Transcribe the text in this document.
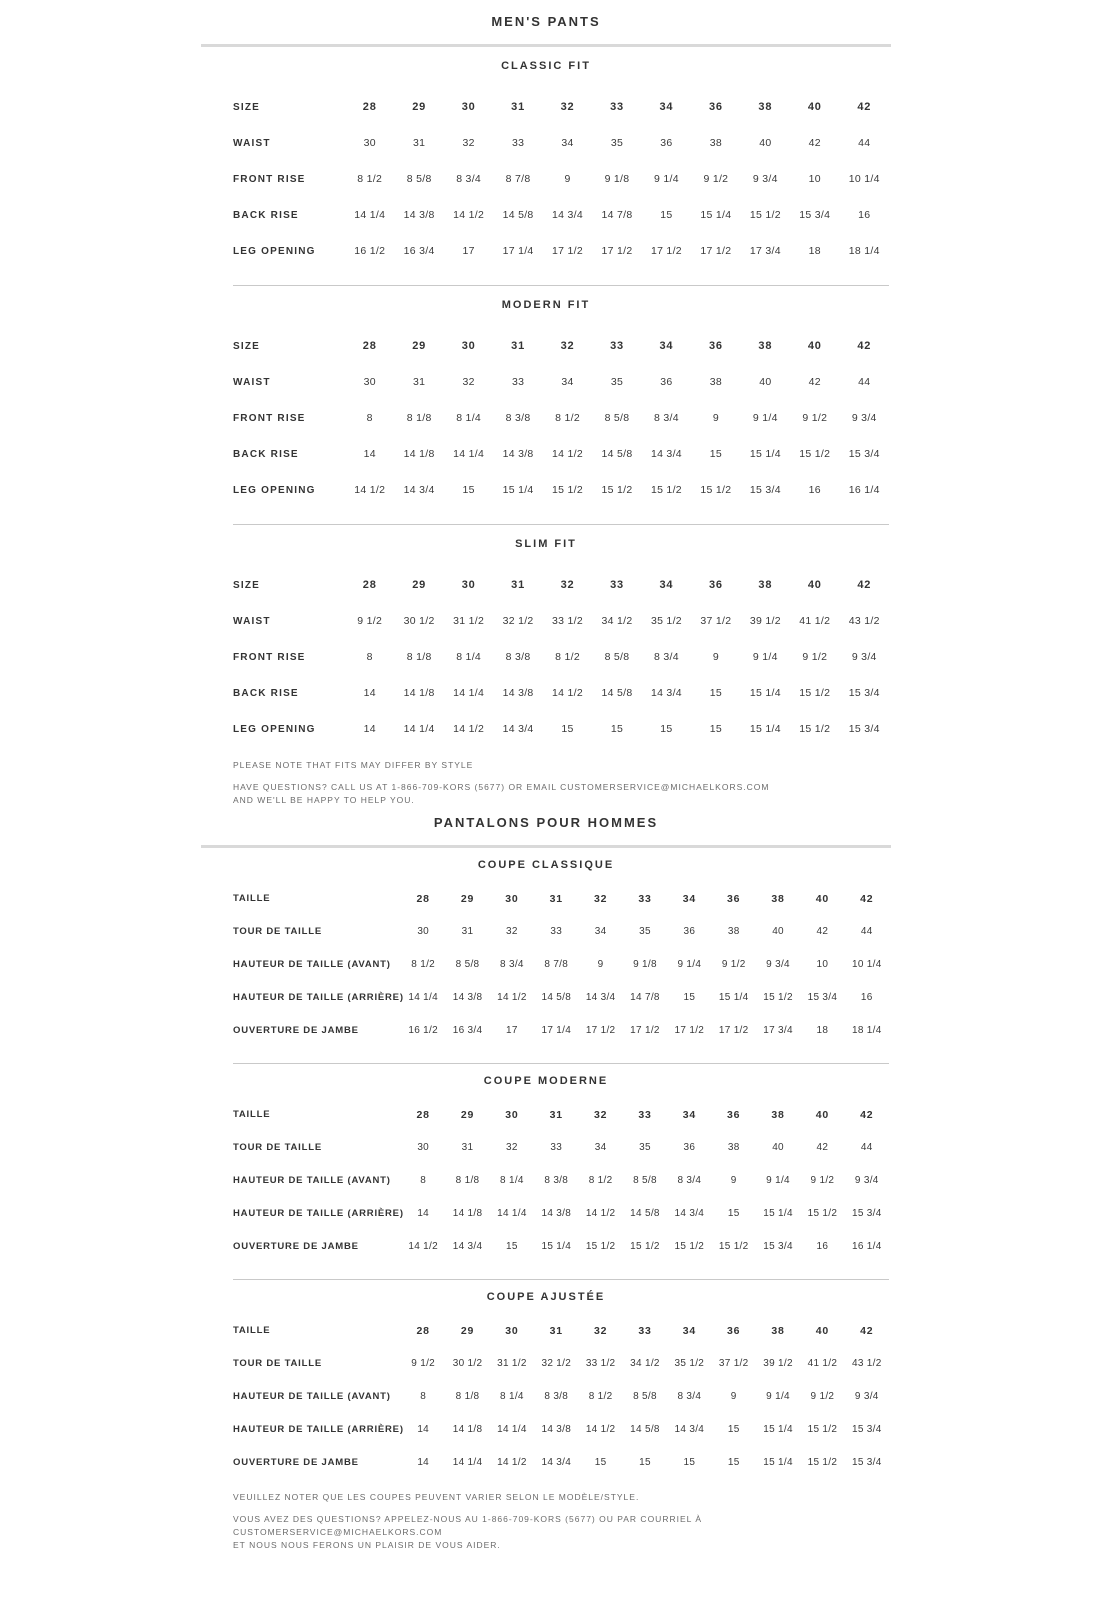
MEN'S PANTS
CLASSIC FIT
SIZE	28	29	30	31	32	33	34	36	38	40	42
WAIST	30	31	32	33	34	35	36	38	40	42	44
FRONT RISE	8 1/2	8 5/8	8 3/4	8 7/8	9	9 1/8	9 1/4	9 1/2	9 3/4	10	10 1/4
BACK RISE	14 1/4	14 3/8	14 1/2	14 5/8	14 3/4	14 7/8	15	15 1/4	15 1/2	15 3/4	16
LEG OPENING	16 1/2	16 3/4	17	17 1/4	17 1/2	17 1/2	17 1/2	17 1/2	17 3/4	18	18 1/4
MODERN FIT
SIZE	28	29	30	31	32	33	34	36	38	40	42
WAIST	30	31	32	33	34	35	36	38	40	42	44
FRONT RISE	8	8 1/8	8 1/4	8 3/8	8 1/2	8 5/8	8 3/4	9	9 1/4	9 1/2	9 3/4
BACK RISE	14	14 1/8	14 1/4	14 3/8	14 1/2	14 5/8	14 3/4	15	15 1/4	15 1/2	15 3/4
LEG OPENING	14 1/2	14 3/4	15	15 1/4	15 1/2	15 1/2	15 1/2	15 1/2	15 3/4	16	16 1/4
SLIM FIT
SIZE	28	29	30	31	32	33	34	36	38	40	42
WAIST	9 1/2	30 1/2	31 1/2	32 1/2	33 1/2	34 1/2	35 1/2	37 1/2	39 1/2	41 1/2	43 1/2
FRONT RISE	8	8 1/8	8 1/4	8 3/8	8 1/2	8 5/8	8 3/4	9	9 1/4	9 1/2	9 3/4
BACK RISE	14	14 1/8	14 1/4	14 3/8	14 1/2	14 5/8	14 3/4	15	15 1/4	15 1/2	15 3/4
LEG OPENING	14	14 1/4	14 1/2	14 3/4	15	15	15	15	15 1/4	15 1/2	15 3/4

PLEASE NOTE THAT FITS MAY DIFFER BY STYLE

HAVE QUESTIONS? CALL US AT 1-866-709-KORS (5677) OR EMAIL CUSTOMERSERVICE@MICHAELKORS.COM

AND WE'LL BE HAPPY TO HELP YOU.

PANTALONS POUR HOMMES
COUPE CLASSIQUE
TAILLE	28	29	30	31	32	33	34	36	38	40	42
TOUR DE TAILLE	30	31	32	33	34	35	36	38	40	42	44
HAUTEUR DE TAILLE (AVANT)	8 1/2	8 5/8	8 3/4	8 7/8	9	9 1/8	9 1/4	9 1/2	9 3/4	10	10 1/4
HAUTEUR DE TAILLE (ARRIÈRE)	14 1/4	14 3/8	14 1/2	14 5/8	14 3/4	14 7/8	15	15 1/4	15 1/2	15 3/4	16
OUVERTURE DE JAMBE	16 1/2	16 3/4	17	17 1/4	17 1/2	17 1/2	17 1/2	17 1/2	17 3/4	18	18 1/4
COUPE MODERNE
TAILLE	28	29	30	31	32	33	34	36	38	40	42
TOUR DE TAILLE	30	31	32	33	34	35	36	38	40	42	44
HAUTEUR DE TAILLE (AVANT)	8	8 1/8	8 1/4	8 3/8	8 1/2	8 5/8	8 3/4	9	9 1/4	9 1/2	9 3/4
HAUTEUR DE TAILLE (ARRIÈRE)	14	14 1/8	14 1/4	14 3/8	14 1/2	14 5/8	14 3/4	15	15 1/4	15 1/2	15 3/4
OUVERTURE DE JAMBE	14 1/2	14 3/4	15	15 1/4	15 1/2	15 1/2	15 1/2	15 1/2	15 3/4	16	16 1/4
COUPE AJUSTÉE
TAILLE	28	29	30	31	32	33	34	36	38	40	42
TOUR DE TAILLE	9 1/2	30 1/2	31 1/2	32 1/2	33 1/2	34 1/2	35 1/2	37 1/2	39 1/2	41 1/2	43 1/2
HAUTEUR DE TAILLE (AVANT)	8	8 1/8	8 1/4	8 3/8	8 1/2	8 5/8	8 3/4	9	9 1/4	9 1/2	9 3/4
HAUTEUR DE TAILLE (ARRIÈRE)	14	14 1/8	14 1/4	14 3/8	14 1/2	14 5/8	14 3/4	15	15 1/4	15 1/2	15 3/4
OUVERTURE DE JAMBE	14	14 1/4	14 1/2	14 3/4	15	15	15	15	15 1/4	15 1/2	15 3/4

VEUILLEZ NOTER QUE LES COUPES PEUVENT VARIER SELON LE MODÈLE/STYLE.

VOUS AVEZ DES QUESTIONS? APPELEZ-NOUS AU 1-866-709-KORS (5677) OU PAR COURRIEL À CUSTOMERSERVICE@MICHAELKORS.COM

ET NOUS NOUS FERONS UN PLAISIR DE VOUS AIDER.
